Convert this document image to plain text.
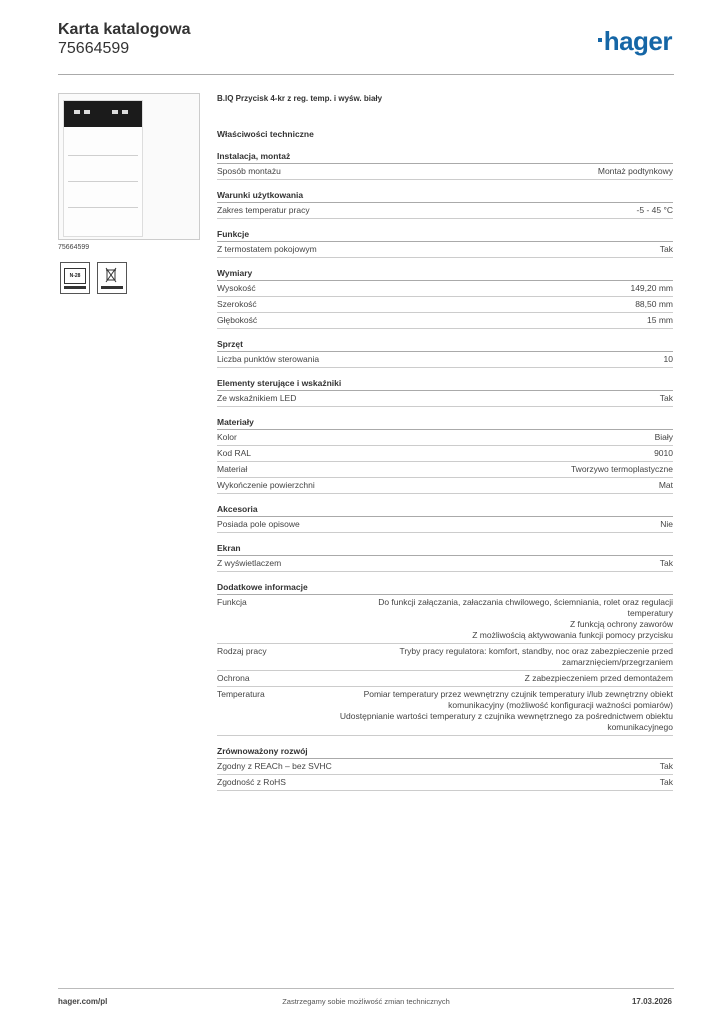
Karta katalogowa
75664599	hager
75664599
N-28
B.IQ Przycisk 4-kr z reg. temp. i wyśw. biały
Właściwości techniczne
Instalacja, montaż
Sposób montażu	Montaż podtynkowy
Warunki użytkowania
Zakres temperatur pracy	-5 - 45 °C
Funkcje
Z termostatem pokojowym	Tak
Wymiary
Wysokość	149,20 mm
Szerokość	88,50 mm
Głębokość	15 mm
Sprzęt
Liczba punktów sterowania	10
Elementy sterujące i wskaźniki
Ze wskaźnikiem LED	Tak
Materiały
Kolor	Biały
Kod RAL	9010
Materiał	Tworzywo termoplastyczne
Wykończenie powierzchni	Mat
Akcesoria
Posiada pole opisowe	Nie
Ekran
Z wyświetlaczem	Tak
Dodatkowe informacje
Funkcja	Do funkcji załączania, załaczania chwilowego, ściemniania, rolet oraz regulacji temperatury
Z funkcją ochrony zaworów
Z możliwością aktywowania funkcji pomocy przycisku
Rodzaj pracy	Tryby pracy regulatora: komfort, standby, noc oraz zabezpieczenie przed zamarznięciem/przegrzaniem
Ochrona	Z zabezpieczeniem przed demontażem
Temperatura	Pomiar temperatury przez wewnętrzny czujnik temperatury i/lub zewnętrzny obiekt komunikacyjny (możliwość konfiguracji ważności pomiarów)
Udostępnianie wartości temperatury z czujnika wewnętrznego za pośrednictwem obiektu komunikacyjnego
Zrównoważony rozwój
Zgodny z REACh – bez SVHC	Tak
Zgodność z RoHS	Tak
hager.com/pl	Zastrzegamy sobie możliwość zmian technicznych	17.03.2026
